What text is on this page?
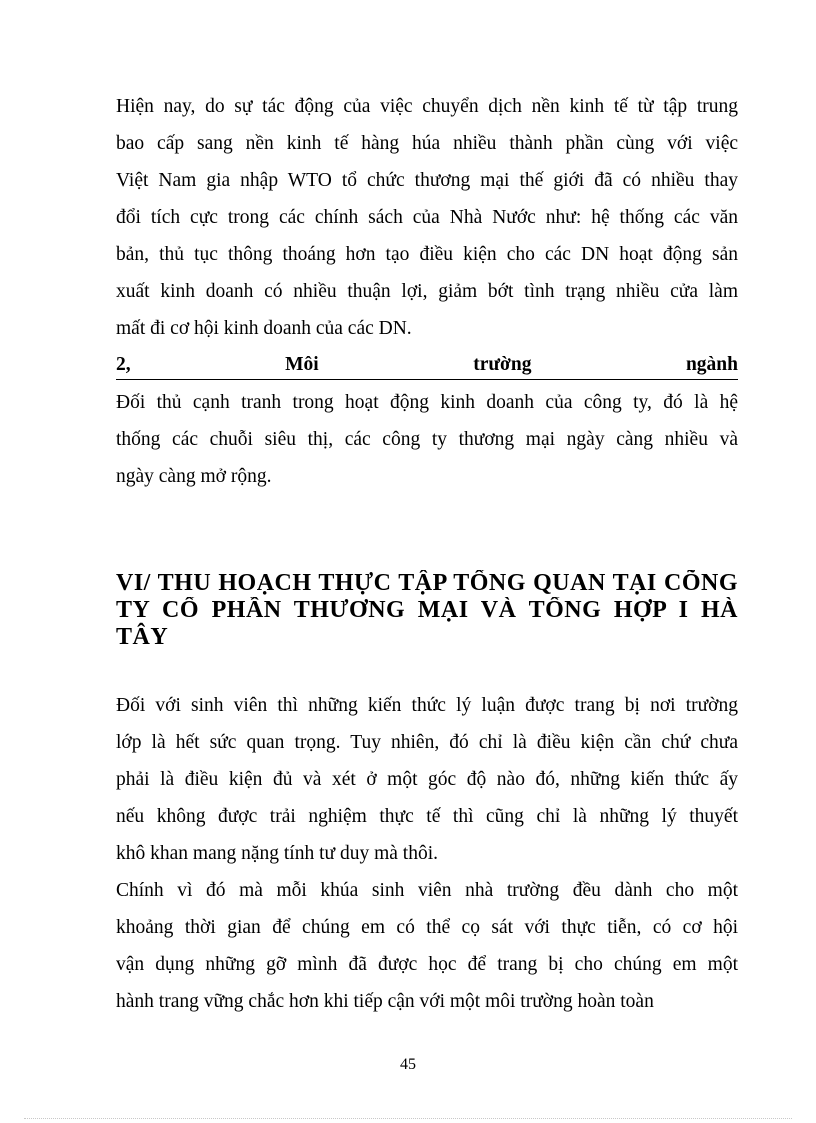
Hiện nay, do sự tác động của việc chuyển dịch nền kinh tế từ tập trung
bao cấp sang nền kinh tế hàng húa nhiều thành phần cùng với việc
Việt Nam gia nhập WTO tổ chức thương mại thế giới đã có nhiều thay
đổi tích cực trong các chính sách của Nhà Nước như: hệ thống các văn
bản, thủ tục thông thoáng hơn tạo điều kiện cho các DN hoạt động sản
xuất kinh doanh có nhiều thuận lợi, giảm bớt tình trạng nhiều cửa làm
mất đi cơ hội kinh doanh của các DN.
2,	Môi	trường	ngành
Đối thủ cạnh tranh trong hoạt động kinh doanh của công ty, đó là hệ
thống các chuỗi siêu thị, các công ty thương mại ngày càng nhiều và
ngày càng mở rộng.
VI/ THU HOẠCH THỰC TẬP TỔNG QUAN TẠI CÕNG
TY CỔ PHẦN THƯƠNG MẠI VÀ TỔNG HỢP I HÀ
TÂY
Đối với sinh viên thì những kiến thức lý luận được trang bị nơi trường
lớp là hết sức quan trọng. Tuy nhiên, đó chỉ là điều kiện cần chứ chưa
phải là điều kiện đủ và xét ở một góc độ nào đó, những kiến thức ấy
nếu không được trải nghiệm thực tế thì cũng chỉ là những lý thuyết
khô khan mang nặng tính tư duy mà thôi.
Chính vì đó mà mỗi khúa sinh viên nhà trường đều dành cho một
khoảng thời gian để chúng em có thể cọ sát với thực tiễn, có cơ hội
vận dụng những gỡ mình đã được học để trang bị cho chúng em một
hành trang vững chắc hơn khi tiếp cận với một môi trường hoàn toàn
45
